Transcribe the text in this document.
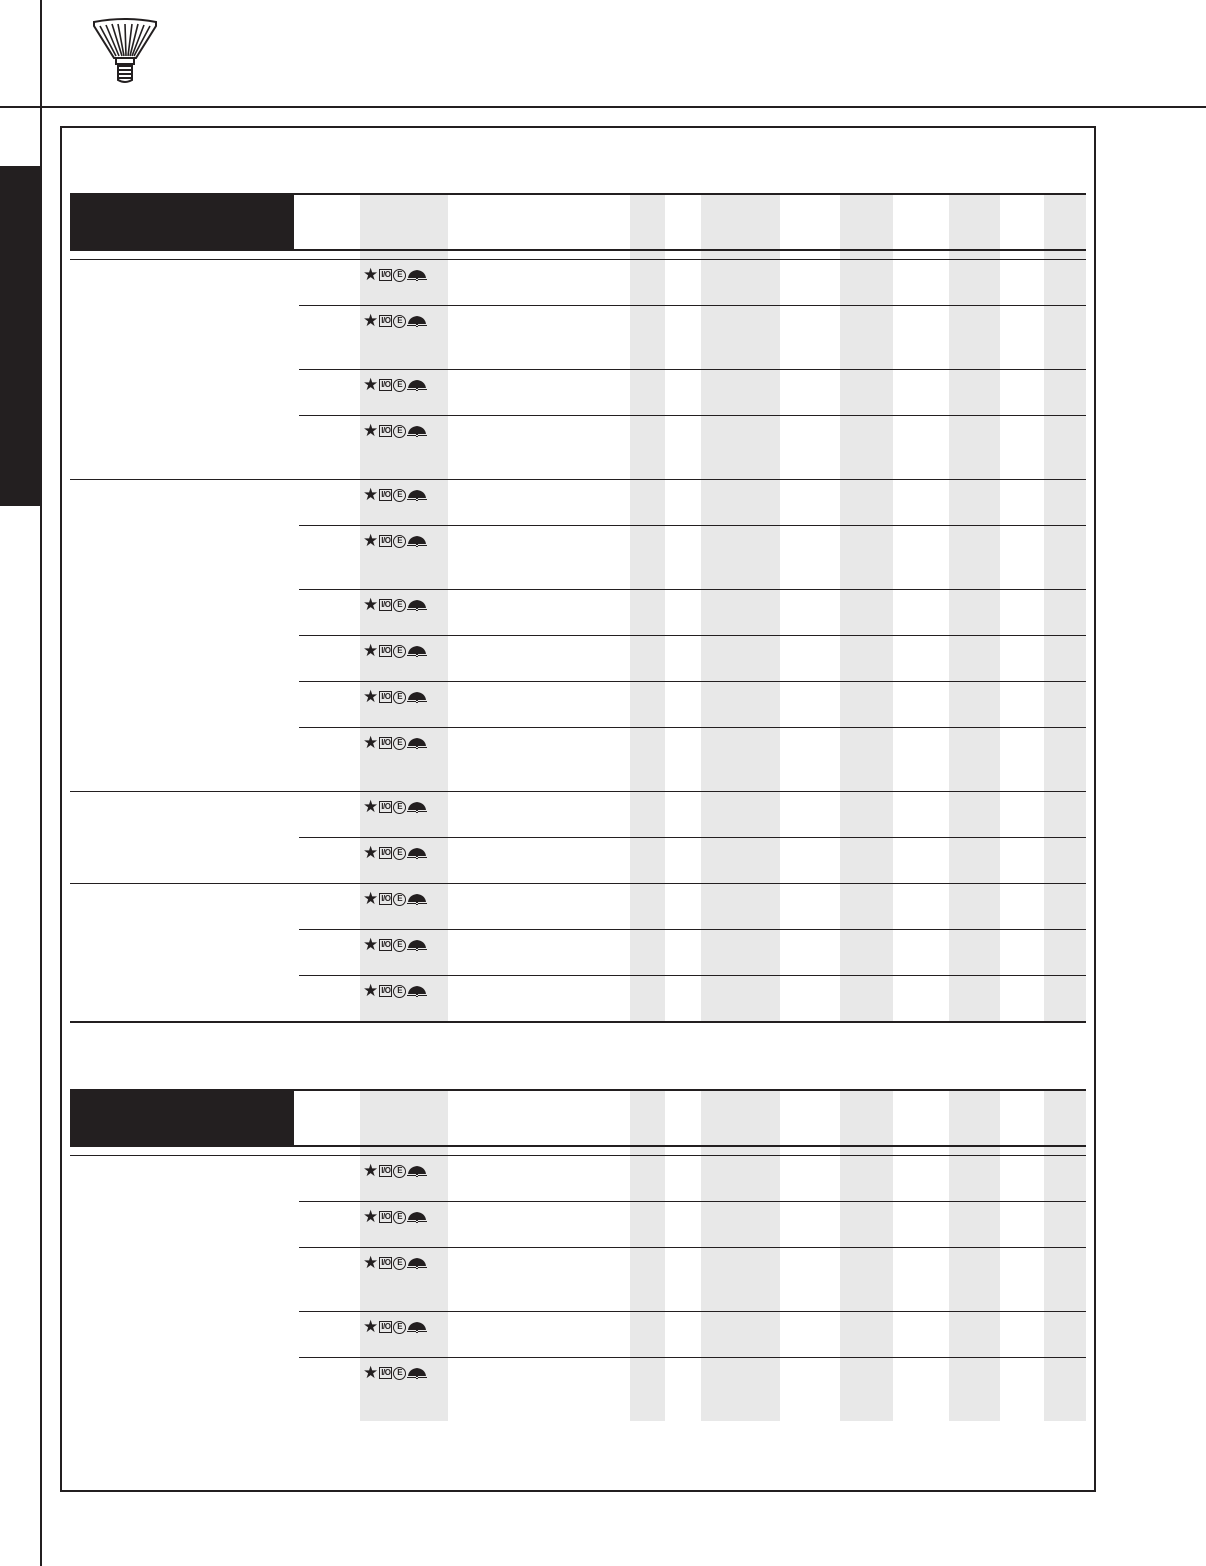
★ I/O E
★ I/O E
★ I/O E
★ I/O E
★ I/O E
★ I/O E
★ I/O E
★ I/O E
★ I/O E
★ I/O E
★ I/O E
★ I/O E
★ I/O E
★ I/O E
★ I/O E
★ I/O E
★ I/O E
★ I/O E
★ I/O E
★ I/O E
